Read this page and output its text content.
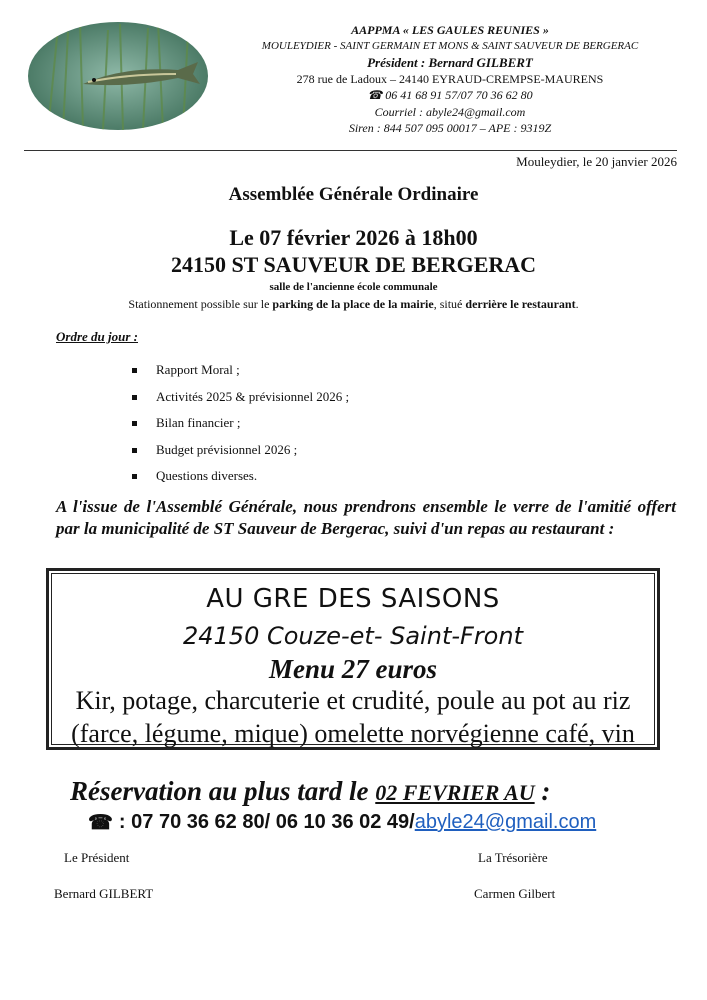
AAPPMA « LES GAULES REUNIES »
MOULEYDIER - SAINT GERMAIN ET MONS & SAINT SAUVEUR DE BERGERAC
Président : Bernard GILBERT
278 rue de Ladoux – 24140 EYRAUD-CREMPSE-MAURENS
☎ 06 41 68 91 57/07 70 36 62 80
Courriel : abyle24@gmail.com
Siren : 844 507 095 00017 – APE : 9319Z
Mouleydier, le 20 janvier 2026
Assemblée Générale Ordinaire
Le 07 février 2026 à 18h00
24150 ST SAUVEUR DE BERGERAC
salle de l'ancienne école communale
Stationnement possible sur le parking de la place de la mairie, situé derrière le restaurant.
Ordre du jour :
Rapport Moral ;
Activités 2025 & prévisionnel 2026 ;
Bilan financier ;
Budget prévisionnel 2026 ;
Questions diverses.
A l'issue de l'Assemblé Générale, nous prendrons ensemble le verre de l'amitié offert par la municipalité de ST Sauveur de Bergerac, suivi d'un repas au restaurant :
AU GRE DES SAISONS
24150 Couze-et- Saint-Front
Menu 27 euros
Kir, potage, charcuterie et crudité, poule au pot au riz
(farce, légume, mique) omelette norvégienne café, vin
Réservation au plus tard le 02 FEVRIER AU :
☎ : 07 70 36 62 80/ 06 10 36 02 49/ abyle24@gmail.com
Le Président
Bernard GILBERT
La Trésorière
Carmen Gilbert
